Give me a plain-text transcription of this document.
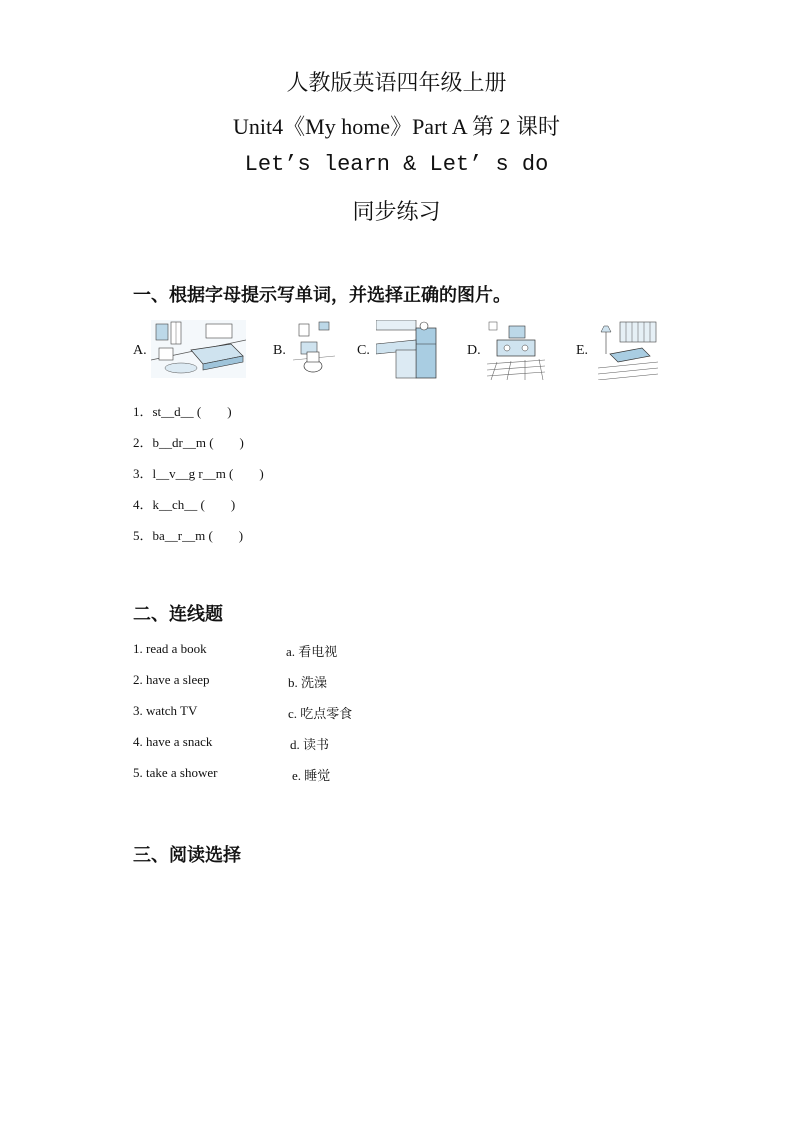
人教版英语四年级上册
Unit4《My home》Part A 第 2 课时
Let’s learn & Let’ s do
同步练习
一、根据字母提示写单词，并选择正确的图片。
A.	B.	C.	D.	E.
1．st__d__ (　　)
2．b__dr__m (　　)
3．l__v__g r__m (　　)
4．k__ch__ (　　)
5．ba__r__m (　　)
二、连线题
1. read a book
2. have a sleep
3. watch TV
4. have a snack
5. take a shower
a. 看电视
b. 洗澡
c. 吃点零食
d. 读书
e. 睡觉
三、阅读选择
